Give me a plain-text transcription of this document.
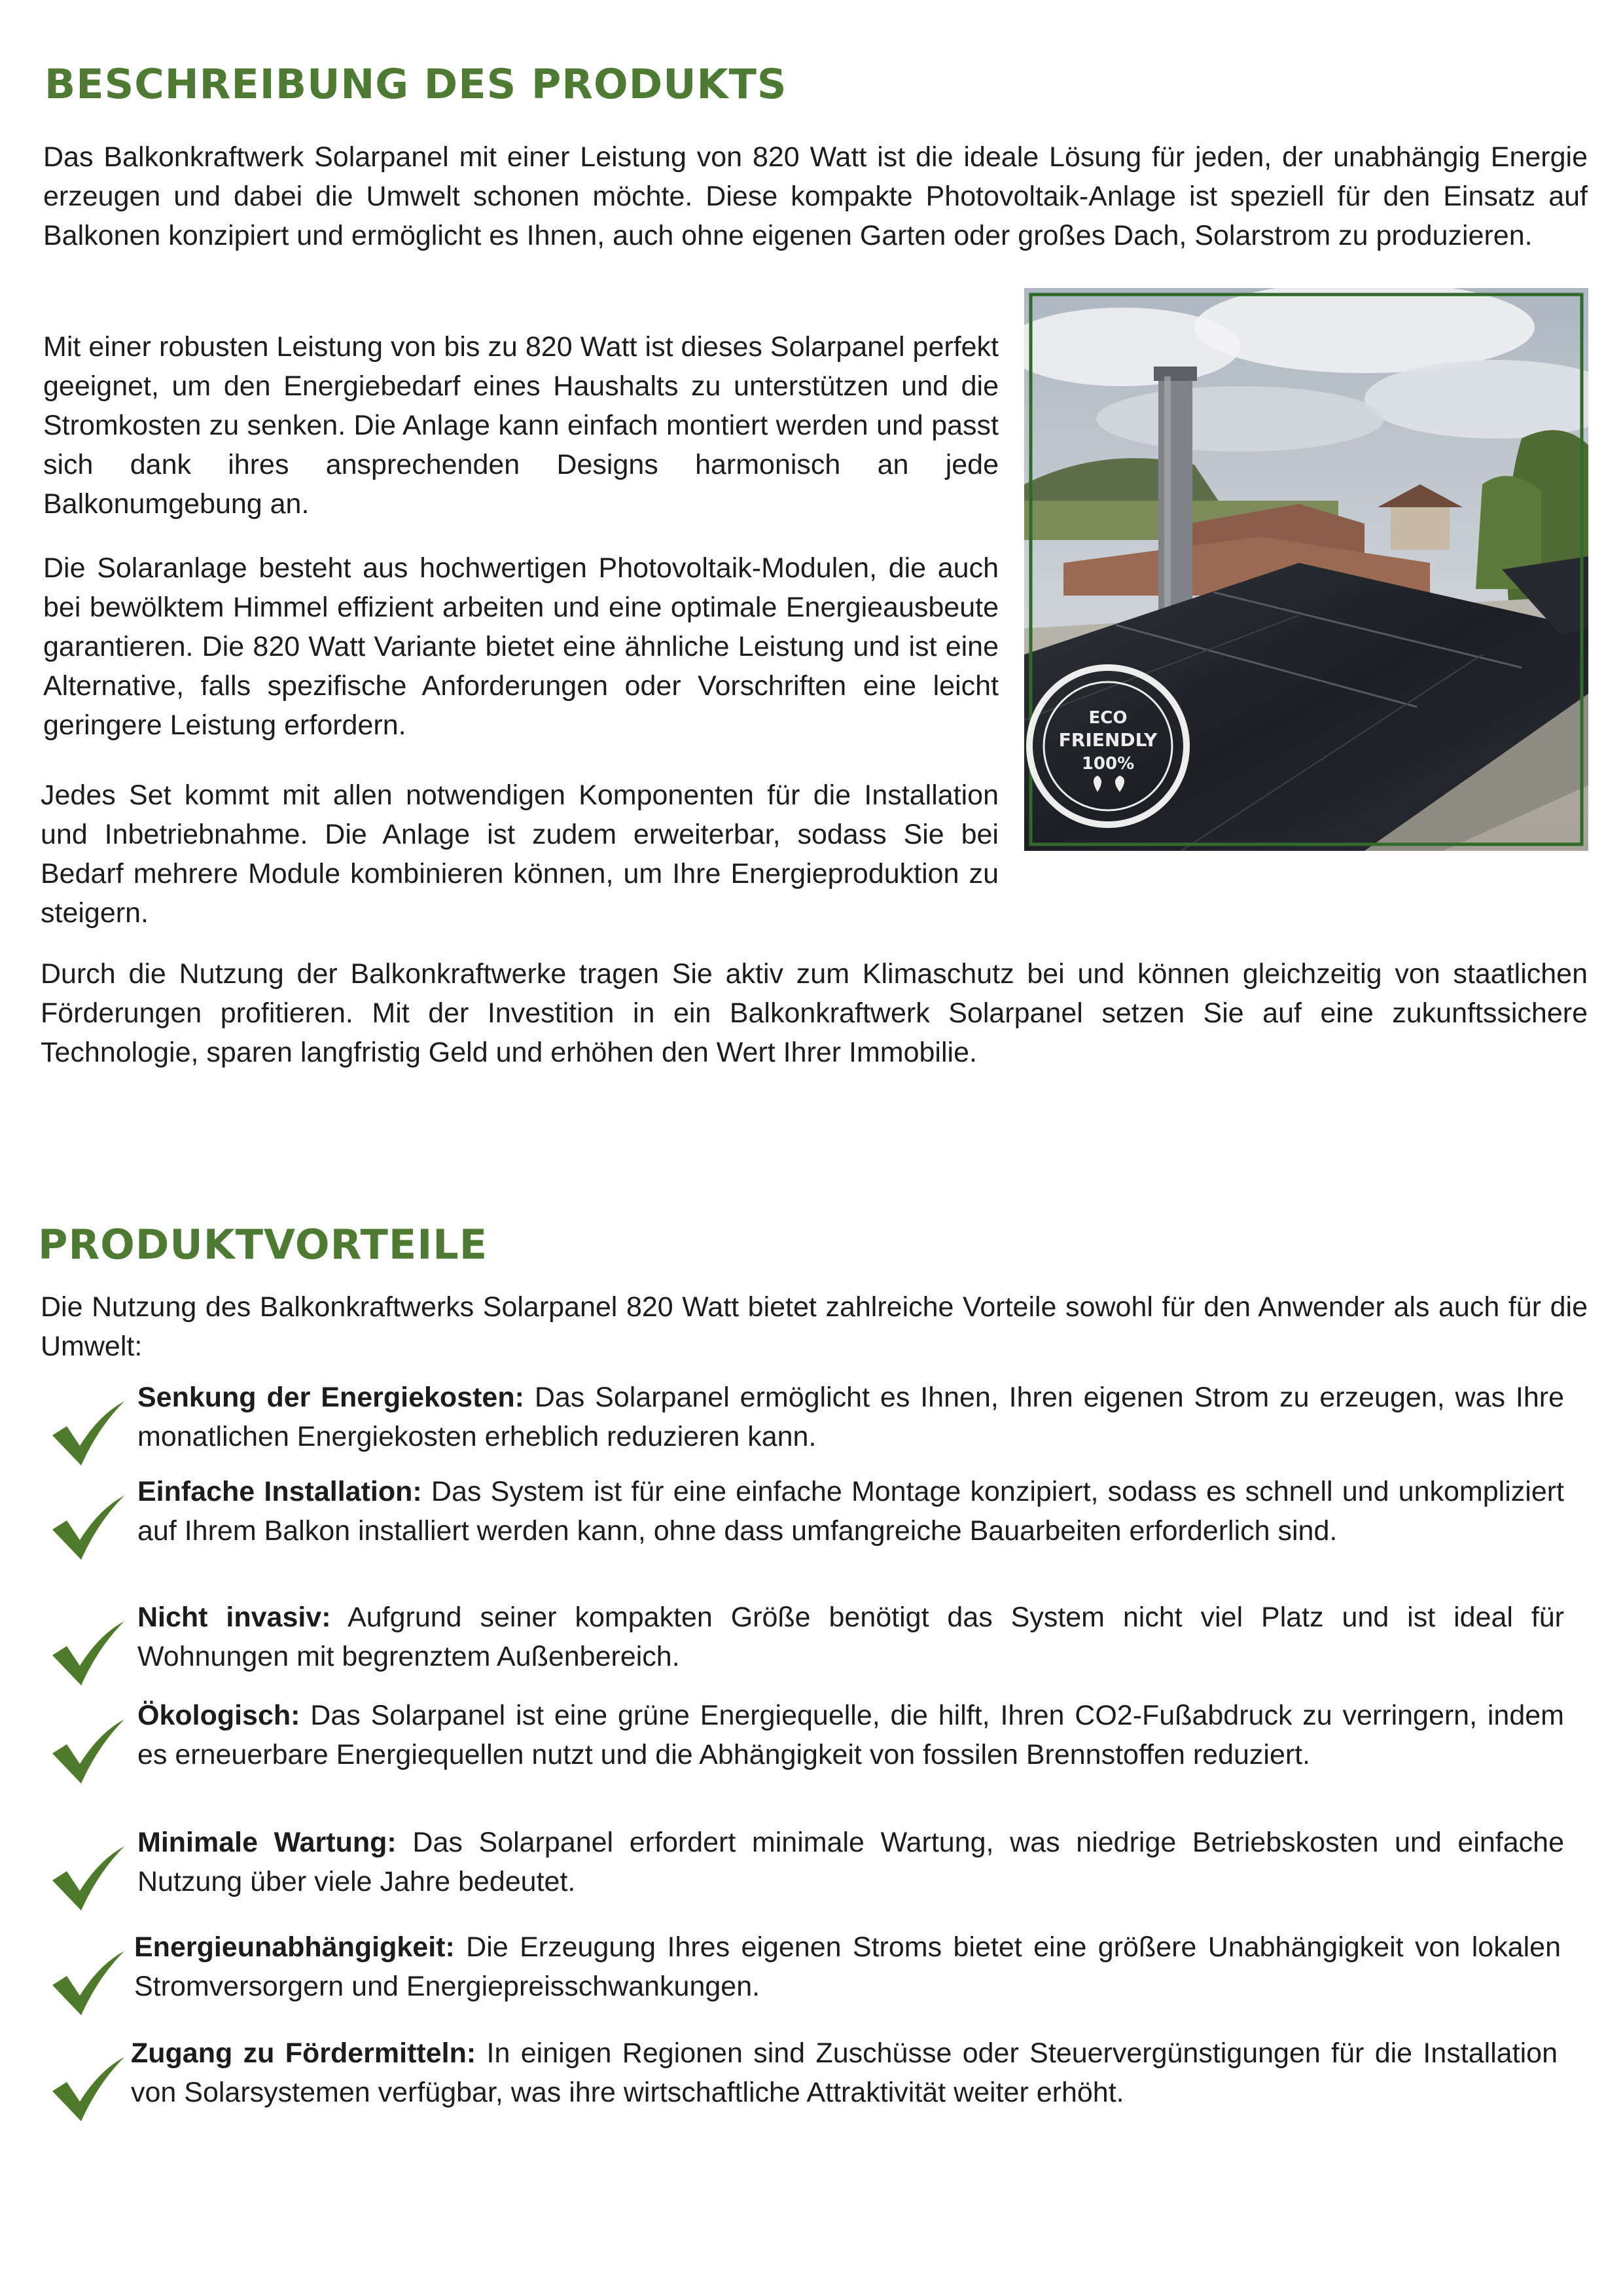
BESCHREIBUNG DES PRODUKTS

Das Balkonkraftwerk Solarpanel mit einer Leistung von 820 Watt ist die ideale Lösung für jeden, der unabhängig Energie erzeugen und dabei die Umwelt schonen möchte. Diese kompakte Photovoltaik-Anlage ist speziell für den Einsatz auf Balkonen konzipiert und ermöglicht es Ihnen, auch ohne eigenen Garten oder großes Dach, Solarstrom zu produzieren.

Mit einer robusten Leistung von bis zu 820 Watt ist dieses Solarpanel perfekt geeignet, um den Energiebedarf eines Haushalts zu unterstützen und die Stromkosten zu senken. Die Anlage kann einfach montiert werden und passt sich dank ihres ansprechenden Designs harmonisch an jede Balkonumgebung an.

Die Solaranlage besteht aus hochwertigen Photovoltaik-Modulen, die auch bei bewölktem Himmel effizient arbeiten und eine optimale Energieausbeute garantieren. Die 820 Watt Variante bietet eine ähnliche Leistung und ist eine Alternative, falls spezifische Anforderungen oder Vorschriften eine leicht geringere Leistung erfordern.

Jedes Set kommt mit allen notwendigen Komponenten für die Installation und Inbetriebnahme. Die Anlage ist zudem erweiterbar, sodass Sie bei Bedarf mehrere Module kombinieren können, um Ihre Energieproduktion zu steigern.

Durch die Nutzung der Balkonkraftwerke tragen Sie aktiv zum Klimaschutz bei und können gleichzeitig von staatlichen Förderungen profitieren. Mit der Investition in ein Balkonkraftwerk Solarpanel setzen Sie auf eine zukunftssichere Technologie, sparen langfristig Geld und erhöhen den Wert Ihrer Immobilie.

ECO
FRIENDLY
100%
PRODUKTVORTEILE

Die Nutzung des Balkonkraftwerks Solarpanel 820 Watt bietet zahlreiche Vorteile sowohl für den Anwender als auch für die Umwelt:

Senkung der Energiekosten: Das Solarpanel ermöglicht es Ihnen, Ihren eigenen Strom zu erzeugen, was Ihre monatlichen Energiekosten erheblich reduzieren kann.

Einfache Installation: Das System ist für eine einfache Montage konzipiert, sodass es schnell und unkompliziert auf Ihrem Balkon installiert werden kann, ohne dass umfangreiche Bauarbeiten erforderlich sind.

Nicht invasiv: Aufgrund seiner kompakten Größe benötigt das System nicht viel Platz und ist ideal für Wohnungen mit begrenztem Außenbereich.

Ökologisch: Das Solarpanel ist eine grüne Energiequelle, die hilft, Ihren CO2-Fußabdruck zu verringern, indem es erneuerbare Energiequellen nutzt und die Abhängigkeit von fossilen Brennstoffen reduziert.

Minimale Wartung: Das Solarpanel erfordert minimale Wartung, was niedrige Betriebskosten und einfache Nutzung über viele Jahre bedeutet.

Energieunabhängigkeit: Die Erzeugung Ihres eigenen Stroms bietet eine größere Unabhängigkeit von lokalen Stromversorgern und Energiepreisschwankungen.

Zugang zu Fördermitteln: In einigen Regionen sind Zuschüsse oder Steuervergünstigungen für die Installation von Solarsystemen verfügbar, was ihre wirtschaftliche Attraktivität weiter erhöht.
